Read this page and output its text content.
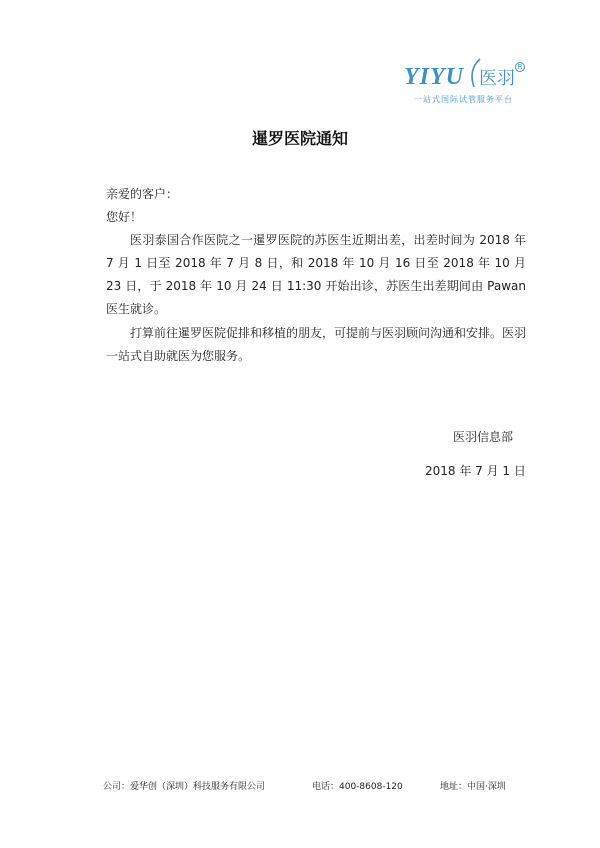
YIYU 医羽
R
一站式国际试管服务平台
暹罗医院通知
亲爱的客户：
您好！
医羽泰国合作医院之一暹罗医院的苏医生近期出差，出差时间为 2018 年 7 月 1 日至 2018 年 7 月 8 日，和 2018 年 10 月 16 日至 2018 年 10 月 23 日，于 2018 年 10 月 24 日 11:30 开始出诊，苏医生出差期间由 Pawan 医生就诊。
打算前往暹罗医院促排和移植的朋友，可提前与医羽顾问沟通和安排。医羽一站式自助就医为您服务。
医羽信息部
2018 年 7 月 1 日
公司：爱华创（深圳）科技服务有限公司	电话：400-8608-120	地址：中国·深圳
